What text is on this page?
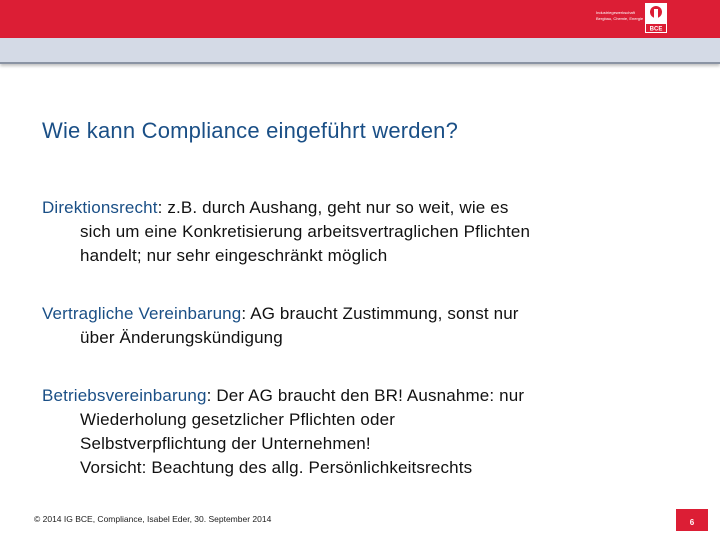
Industriegewerkschaft
Bergbau, Chemie, Energie
BCE
Wie kann Compliance eingeführt werden?
Direktionsrecht: z.B. durch Aushang, geht nur so weit, wie es
sich um eine Konkretisierung arbeitsvertraglichen Pflichten
handelt; nur sehr eingeschränkt möglich
Vertragliche Vereinbarung: AG braucht Zustimmung, sonst nur
über Änderungskündigung
Betriebsvereinbarung: Der AG braucht den BR! Ausnahme: nur
Wiederholung gesetzlicher Pflichten oder
Selbstverpflichtung der Unternehmen!
Vorsicht: Beachtung des allg. Persönlichkeitsrechts
© 2014 IG BCE, Compliance, Isabel Eder, 30. September 2014	6
